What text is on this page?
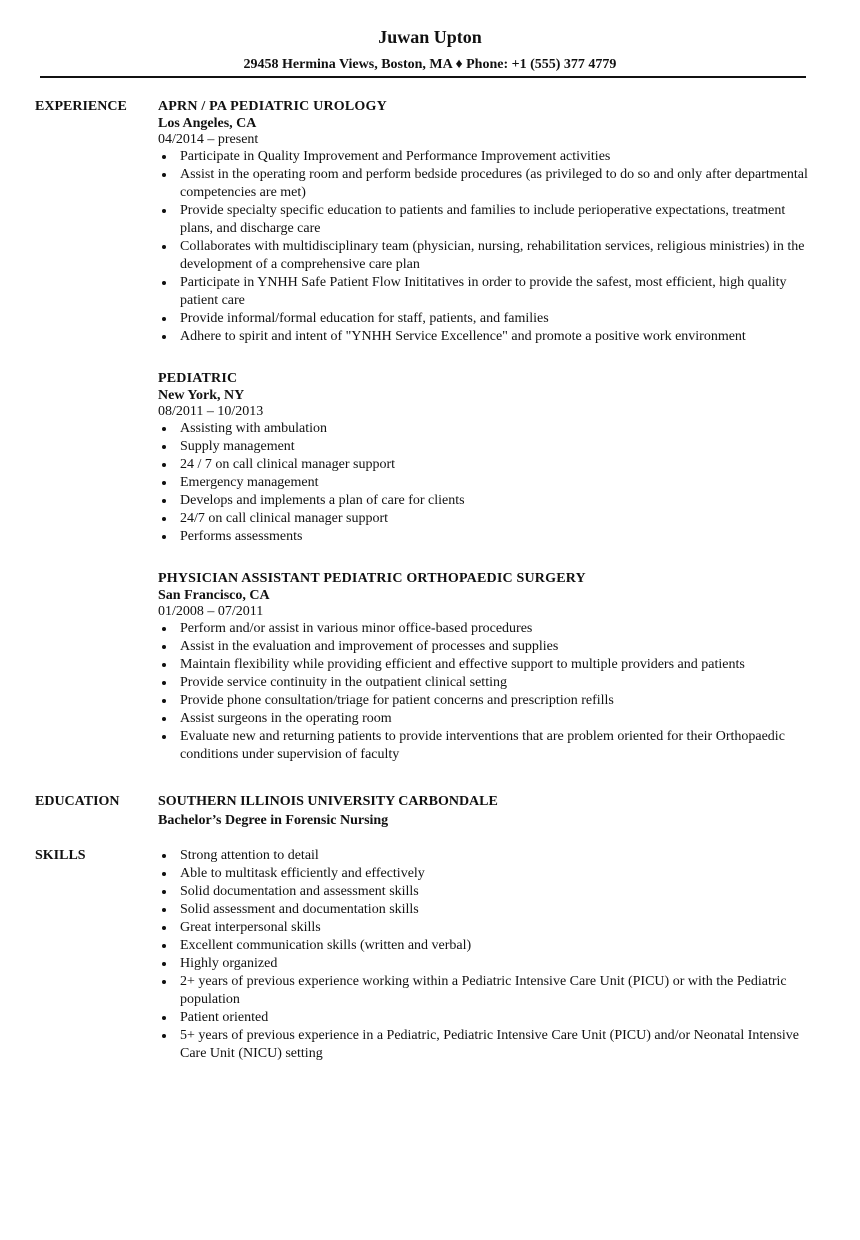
Juwan Upton
29458 Hermina Views, Boston, MA ♦ Phone: +1 (555) 377 4779
EXPERIENCE	APRN / PA PEDIATRIC UROLOGY
Los Angeles, CA
04/2014 – present
Participate in Quality Improvement and Performance Improvement activities
Assist in the operating room and perform bedside procedures (as privileged to do so and only after departmental competencies are met)
Provide specialty specific education to patients and families to include perioperative expectations, treatment plans, and discharge care
Collaborates with multidisciplinary team (physician, nursing, rehabilitation services, religious ministries) in the development of a comprehensive care plan
Participate in YNHH Safe Patient Flow Inititatives in order to provide the safest, most efficient, high quality patient care
Provide informal/formal education for staff, patients, and families
Adhere to spirit and intent of "YNHH Service Excellence" and promote a positive work environment
PEDIATRIC
New York, NY
08/2011 – 10/2013
Assisting with ambulation
Supply management
24 / 7 on call clinical manager support
Emergency management
Develops and implements a plan of care for clients
24/7 on call clinical manager support
Performs assessments
PHYSICIAN ASSISTANT PEDIATRIC ORTHOPAEDIC SURGERY
San Francisco, CA
01/2008 – 07/2011
Perform and/or assist in various minor office-based procedures
Assist in the evaluation and improvement of processes and supplies
Maintain flexibility while providing efficient and effective support to multiple providers and patients
Provide service continuity in the outpatient clinical setting
Provide phone consultation/triage for patient concerns and prescription refills
Assist surgeons in the operating room
Evaluate new and returning patients to provide interventions that are problem oriented for their Orthopaedic conditions under supervision of faculty
EDUCATION	SOUTHERN ILLINOIS UNIVERSITY CARBONDALE
Bachelor’s Degree in Forensic Nursing
SKILLS	Strong attention to detail
Able to multitask efficiently and effectively
Solid documentation and assessment skills
Solid assessment and documentation skills
Great interpersonal skills
Excellent communication skills (written and verbal)
Highly organized
2+ years of previous experience working within a Pediatric Intensive Care Unit (PICU) or with the Pediatric population
Patient oriented
5+ years of previous experience in a Pediatric, Pediatric Intensive Care Unit (PICU) and/or Neonatal Intensive Care Unit (NICU) setting
